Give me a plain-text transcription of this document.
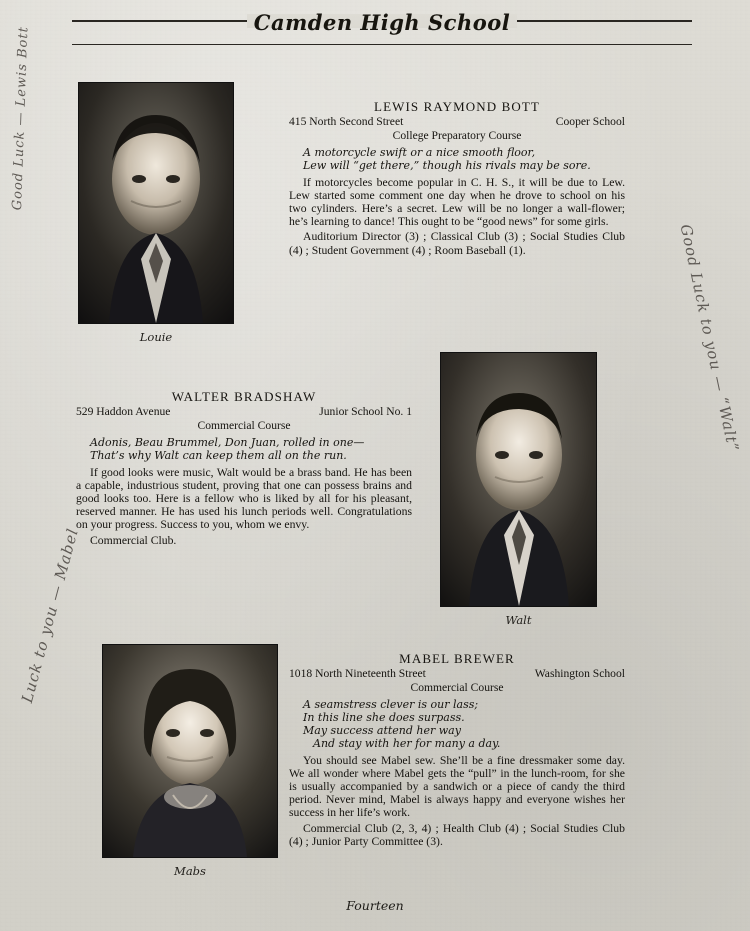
Camden High School
Louie
LEWIS RAYMOND BOTT
415 North Second Street	Cooper School
College Preparatory Course
A motorcycle swift or a nice smooth floor,
Lew will “get there,” though his rivals may be sore.
If motorcycles become popular in C. H. S., it will be due to Lew. Lew started some comment one day when he drove to school on his two cylinders. Here’s a secret. Lew will be no longer a wall-flower; he’s learning to dance! This ought to be “good news” for some girls.
Auditorium Director (3) ; Classical Club (3) ; Social Studies Club (4) ; Student Government (4) ; Room Baseball (1).
WALTER BRADSHAW
529 Haddon Avenue	Junior School No. 1
Commercial Course
Adonis, Beau Brummel, Don Juan, rolled in one—
That’s why Walt can keep them all on the run.
If good looks were music, Walt would be a brass band. He has been a capable, industrious student, proving that one can possess brains and good looks too. Here is a fellow who is liked by all for his pleasant, reserved manner. He has used his lunch periods well. Congratulations on your progress. Success to you, whom we envy.
Commercial Club.
Walt
Mabs
MABEL BREWER
1018 North Nineteenth Street	Washington School
Commercial Course
A seamstress clever is our lass;
In this line she does surpass.
May success attend her way
And stay with her for many a day.
You should see Mabel sew. She’ll be a fine dressmaker some day. We all wonder where Mabel gets the “pull” in the lunch-room, for she is usually accompanied by a sandwich or a piece of candy the third period. Never mind, Mabel is always happy and everyone wishes her success in her life’s work.
Commercial Club (2, 3, 4) ; Health Club (4) ; Social Studies Club (4) ; Junior Party Committee (3).
Good Luck — Lewis Bott
Good Luck to you — “Walt”
Luck to you — Mabel
Fourteen
